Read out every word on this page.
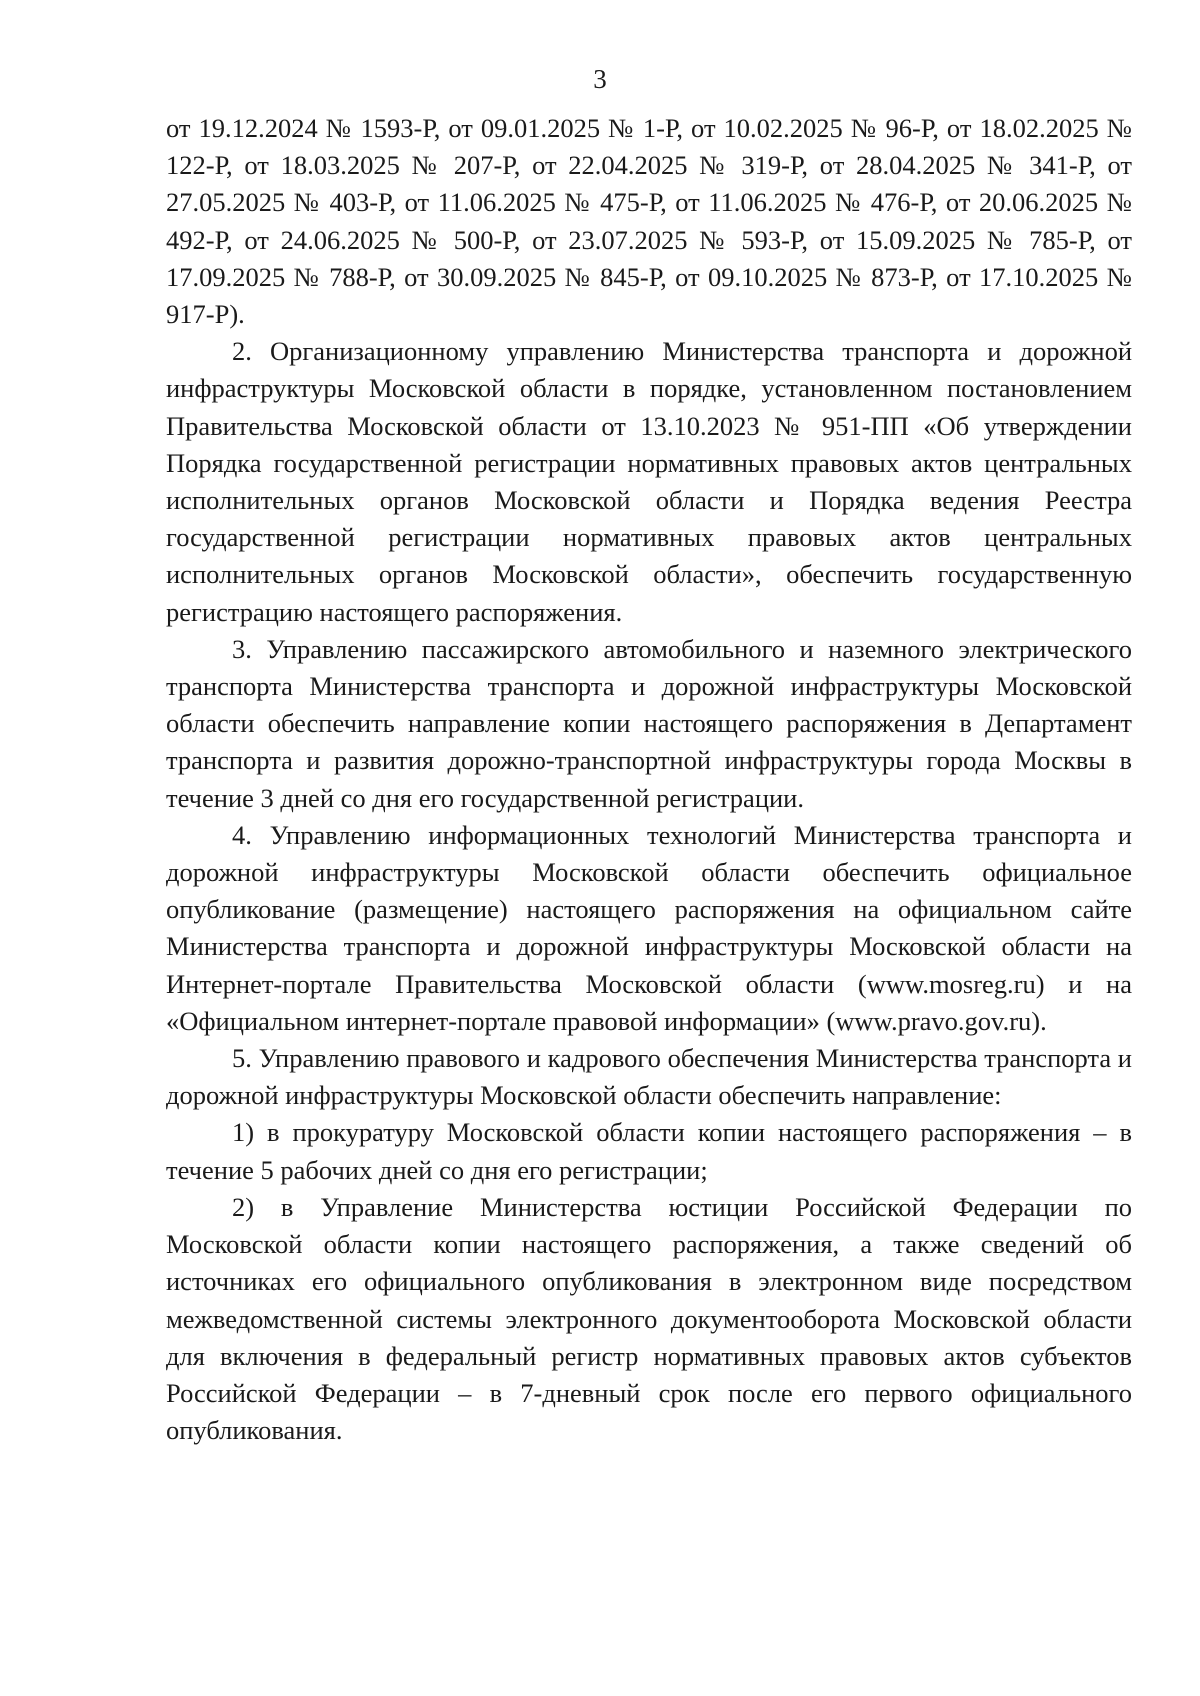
3

от 19.12.2024 № 1593-Р, от 09.01.2025 № 1-Р, от 10.02.2025 № 96-Р, от 18.02.2025 № 122-Р, от 18.03.2025 № 207-Р, от 22.04.2025 № 319-Р, от 28.04.2025 № 341-Р, от 27.05.2025 № 403-Р, от 11.06.2025 № 475-Р, от 11.06.2025 № 476-Р, от 20.06.2025 № 492-Р, от 24.06.2025 № 500-Р, от 23.07.2025 № 593-Р, от 15.09.2025 № 785-Р, от 17.09.2025 № 788-Р, от 30.09.2025 № 845-Р, от 09.10.2025 № 873-Р, от 17.10.2025 № 917-Р).

2. Организационному управлению Министерства транспорта и дорожной инфраструктуры Московской области в порядке, установленном постановлением Правительства Московской области от 13.10.2023 № 951-ПП «Об утверждении Порядка государственной регистрации нормативных правовых актов центральных исполнительных органов Московской области и Порядка ведения Реестра государственной регистрации нормативных правовых актов центральных исполнительных органов Московской области», обеспечить государственную регистрацию настоящего распоряжения.

3. Управлению пассажирского автомобильного и наземного электрического транспорта Министерства транспорта и дорожной инфраструктуры Московской области обеспечить направление копии настоящего распоряжения в Департамент транспорта и развития дорожно-транспортной инфраструктуры города Москвы в течение 3 дней со дня его государственной регистрации.

4. Управлению информационных технологий Министерства транспорта и дорожной инфраструктуры Московской области обеспечить официальное опубликование (размещение) настоящего распоряжения на официальном сайте Министерства транспорта и дорожной инфраструктуры Московской области на Интернет-портале Правительства Московской области (www.mosreg.ru) и на «Официальном интернет-портале правовой информации» (www.pravo.gov.ru).

5. Управлению правового и кадрового обеспечения Министерства транспорта и дорожной инфраструктуры Московской области обеспечить направление:

1) в прокуратуру Московской области копии настоящего распоряжения – в течение 5 рабочих дней со дня его регистрации;

2) в Управление Министерства юстиции Российской Федерации по Московской области копии настоящего распоряжения, а также сведений об источниках его официального опубликования в электронном виде посредством межведомственной системы электронного документооборота Московской области для включения в федеральный регистр нормативных правовых актов субъектов Российской Федерации – в 7-дневный срок после его первого официального опубликования.
